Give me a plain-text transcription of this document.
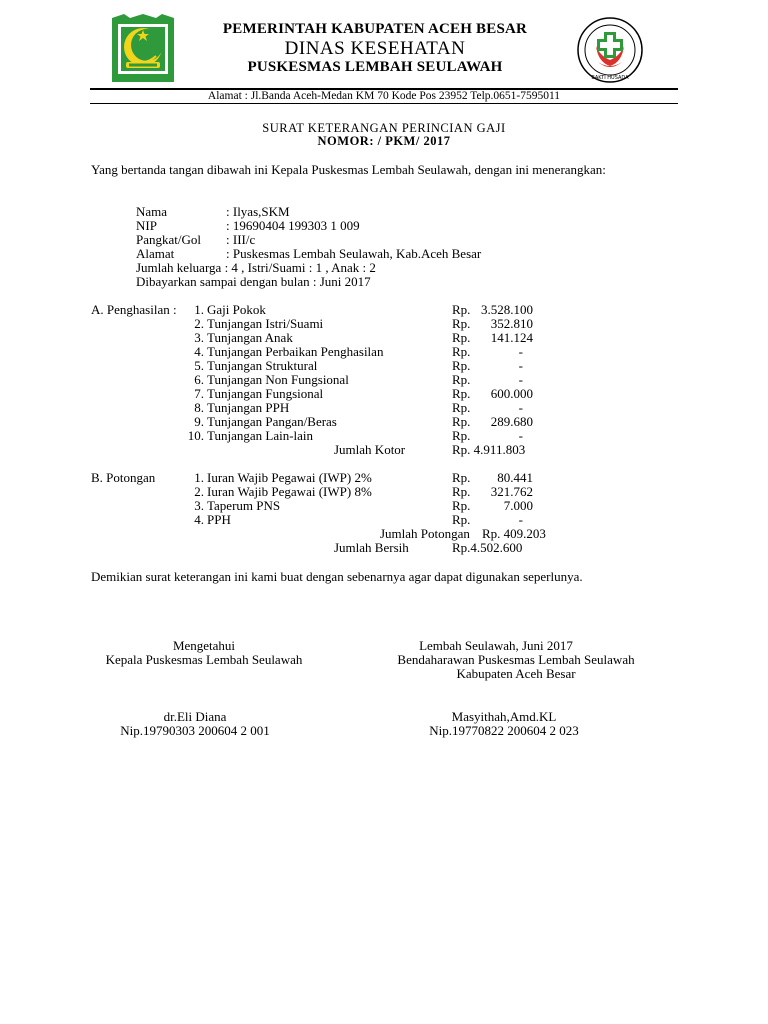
PEMERINTAH KABUPATEN ACEH BESAR
DINAS KESEHATAN
PUSKESMAS LEMBAH SEULAWAH
BAKTI HUSADA
Alamat : Jl.Banda Aceh-Medan KM 70 Kode Pos 23952 Telp.0651-7595011
SURAT KETERANGAN PERINCIAN GAJI
NOMOR: / PKM/ 2017
Yang bertanda tangan dibawah ini Kepala Puskesmas Lembah Seulawah, dengan ini menerangkan:
Nama	: Ilyas,SKM
NIP	: 19690404 199303 1 009
Pangkat/Gol : III/c
Alamat	: Puskesmas Lembah Seulawah, Kab.Aceh Besar
Jumlah keluarga : 4 , Istri/Suami : 1 , Anak : 2
Dibayarkan sampai dengan bulan : Juni 2017
A. Penghasilan :	1. Gaji Pokok	Rp. 3.528.100
2. Tunjangan Istri/Suami	Rp.	352.810
3. Tunjangan Anak	Rp.	141.124
4. Tunjangan Perbaikan Penghasilan	Rp.	-
5. Tunjangan Struktural	Rp.	-
6. Tunjangan Non Fungsional	Rp.	-
7. Tunjangan Fungsional	Rp.	600.000
8. Tunjangan PPH	Rp.	-
9. Tunjangan Pangan/Beras	Rp.	289.680
10. Tunjangan Lain-lain	Rp.	-
Jumlah Kotor	Rp. 4.911.803
B. Potongan	1. Iuran Wajib Pegawai (IWP) 2%	Rp.	80.441
2. Iuran Wajib Pegawai (IWP) 8%	Rp.	321.762
3. Taperum PNS	Rp.	7.000
4. PPH	Rp.	-
Jumlah Potongan Rp. 409.203
Jumlah Bersih	Rp.4.502.600
Demikian surat keterangan ini kami buat dengan sebenarnya agar dapat digunakan seperlunya.
Mengetahui
Kepala Puskesmas Lembah Seulawah
dr.Eli Diana
Nip.19790303 200604 2 001
Lembah Seulawah, Juni 2017
Bendaharawan Puskesmas Lembah Seulawah
Kabupaten Aceh Besar
Masyithah,Amd.KL
Nip.19770822 200604 2 023
